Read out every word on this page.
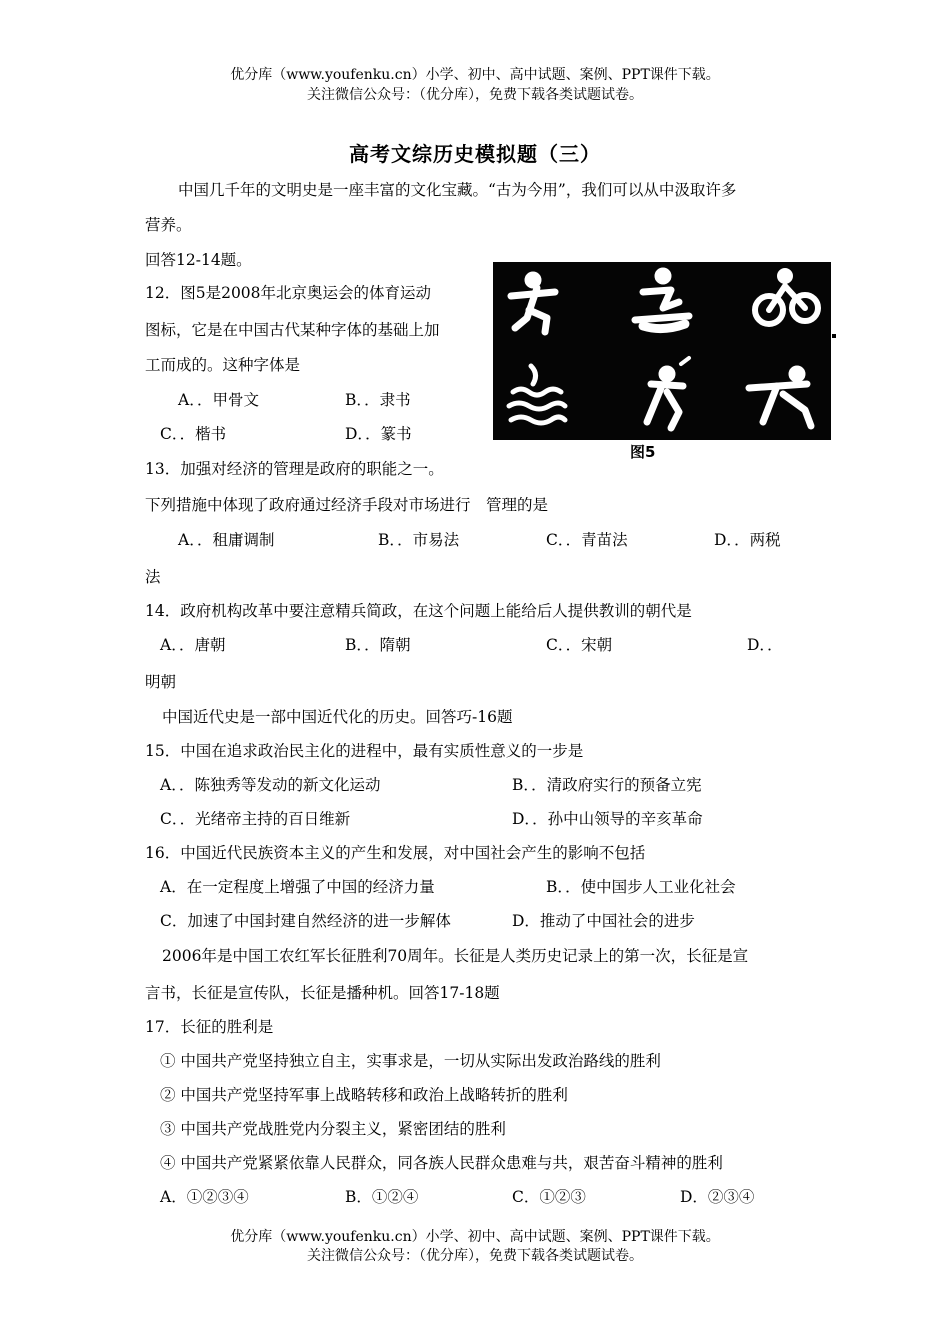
优分库（www.youfenku.cn）小学、初中、高中试题、案例、PPT课件下载。
关注微信公众号：（优分库），免费下载各类试题试卷。
高考文综历史模拟题（三）
中国几千年的文明史是一座丰富的文化宝藏。“古为今用”，我们可以从中汲取许多
营养。
回答12-14题。
12．图5是2008年北京奥运会的体育运动
图标，它是在中国古代某种字体的基础上加
工而成的。这种字体是
A．．甲骨文	B．．隶书
C．．楷书	D．．篆书
图5
13．加强对经济的管理是政府的职能之一。
下列措施中体现了政府通过经济手段对市场进行　管理的是
A．．租庸调制	B．．市易法	C．．青苗法	D．．两税
法
14．政府机构改革中要注意精兵简政，在这个问题上能给后人提供教训的朝代是
A．．唐朝	B．．隋朝	C．．宋朝	D．．
明朝
中国近代史是一部中国近代化的历史。回答巧-16题
15．中国在追求政治民主化的进程中，最有实质性意义的一步是
A．．陈独秀等发动的新文化运动	B．．清政府实行的预备立宪
C．．光绪帝主持的百日维新	D．．孙中山领导的辛亥革命
16．中国近代民族资本主义的产生和发展，对中国社会产生的影响不包括
A．在一定程度上增强了中国的经济力量	B．．使中国步人工业化社会
C．加速了中国封建自然经济的进一步解体	D．推动了中国社会的进步
2006年是中国工农红军长征胜利70周年。长征是人类历史记录上的第一次，长征是宣
言书，长征是宣传队，长征是播种机。回答17-18题
17．长征的胜利是
① 中国共产党坚持独立自主，实事求是，一切从实际出发政治路线的胜利
② 中国共产党坚持军事上战略转移和政治上战略转折的胜利
③ 中国共产党战胜党内分裂主义，紧密团结的胜利
④ 中国共产党紧紧依靠人民群众，同各族人民群众患难与共，艰苦奋斗精神的胜利
A．①②③④	B．①②④	C．①②③	D．②③④
优分库（www.youfenku.cn）小学、初中、高中试题、案例、PPT课件下载。
关注微信公众号：（优分库），免费下载各类试题试卷。
